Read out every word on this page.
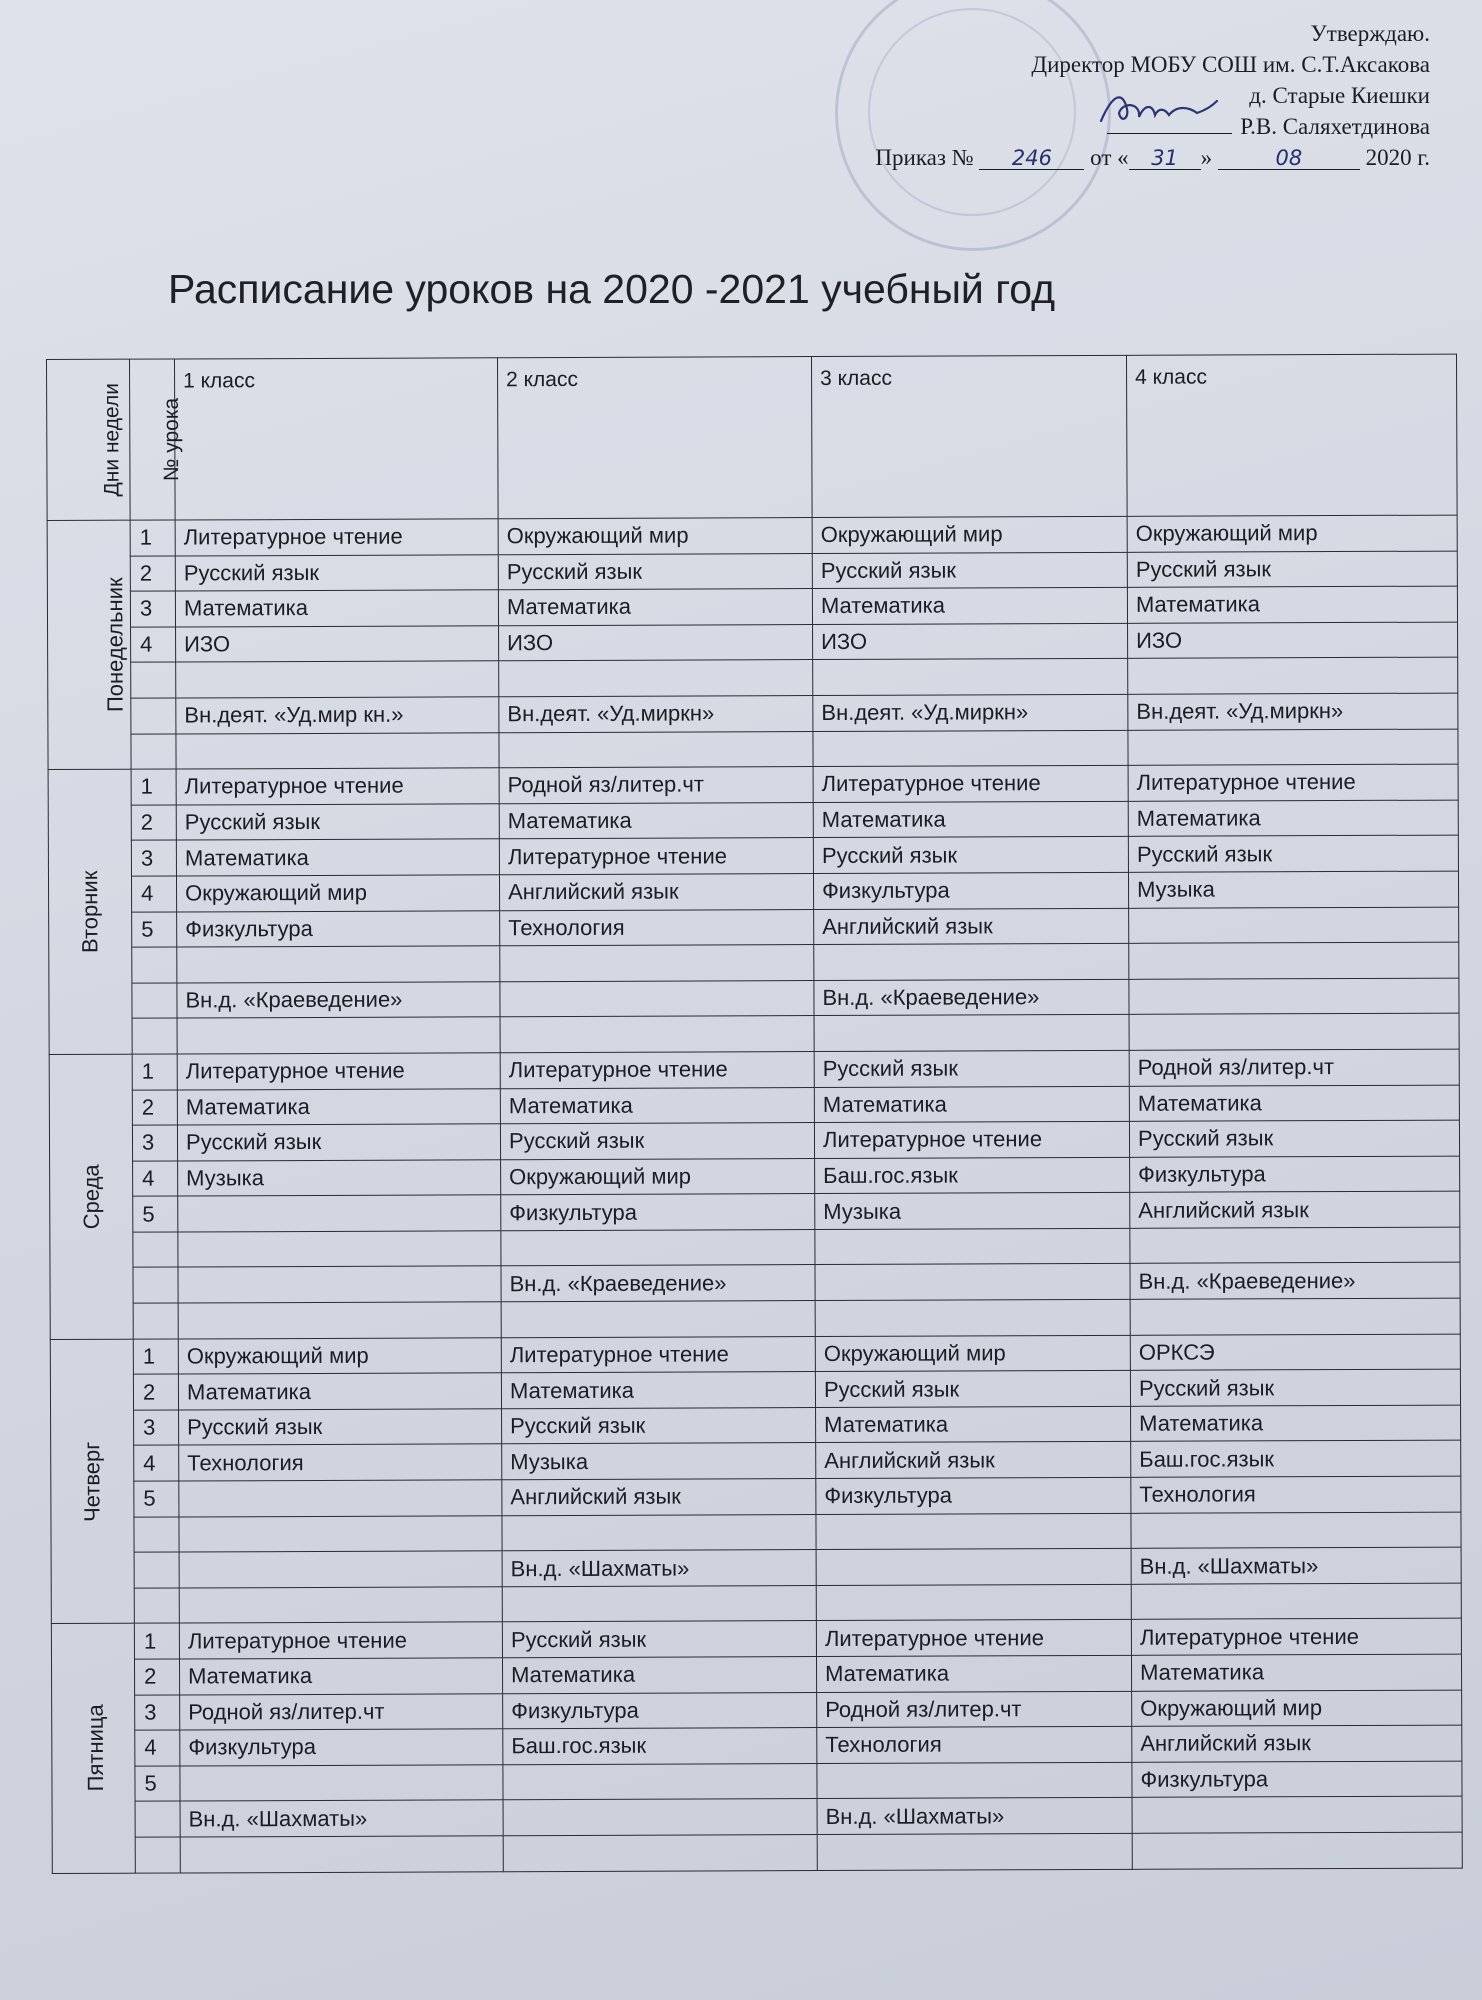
Утверждаю.
Директор МОБУ СОШ им. С.Т.Аксакова
д. Старые Киешки
Р.В. Саляхетдинова
Приказ № 246 от « 31 »	08	2020 г.
Расписание уроков на 2020 -2021 учебный год
Дни недели	№ урока	1 класс	2 класс	3 класс	4 класс
Понедельник	1	Литературное чтение	Окружающий мир	Окружающий мир	Окружающий мир
	2	Русский язык	Русский язык	Русский язык	Русский язык
	3	Математика	Математика	Математика	Математика
	4	ИЗО	ИЗО	ИЗО	ИЗО

		Вн.деят. «Уд.мир кн.»	Вн.деят. «Уд.миркн»	Вн.деят. «Уд.миркн»	Вн.деят. «Уд.миркн»

Вторник	1	Литературное чтение	Родной яз/литер.чт	Литературное чтение	Литературное чтение
	2	Русский язык	Математика	Математика	Математика
	3	Математика	Литературное чтение	Русский язык	Русский язык
	4	Окружающий мир	Английский язык	Физкультура	Музыка
	5	Физкультура	Технология	Английский язык	

		Вн.д. «Краеведение»		Вн.д. «Краеведение»	

Среда	1	Литературное чтение	Литературное чтение	Русский язык	Родной яз/литер.чт
	2	Математика	Математика	Математика	Математика
	3	Русский язык	Русский язык	Литературное чтение	Русский язык
	4	Музыка	Окружающий мир	Баш.гос.язык	Физкультура
	5		Физкультура	Музыка	Английский язык

			Вн.д. «Краеведение»		Вн.д. «Краеведение»

Четверг	1	Окружающий мир	Литературное чтение	Окружающий мир	ОРКСЭ
	2	Математика	Математика	Русский язык	Русский язык
	3	Русский язык	Русский язык	Математика	Математика
	4	Технология	Музыка	Английский язык	Баш.гос.язык
	5		Английский язык	Физкультура	Технология

			Вн.д. «Шахматы»		Вн.д. «Шахматы»

Пятница	1	Литературное чтение	Русский язык	Литературное чтение	Литературное чтение
	2	Математика	Математика	Математика	Математика
	3	Родной яз/литер.чт	Физкультура	Родной яз/литер.чт	Окружающий мир
	4	Физкультура	Баш.гос.язык	Технология	Английский язык
	5				Физкультура
		Вн.д. «Шахматы»		Вн.д. «Шахматы»	
